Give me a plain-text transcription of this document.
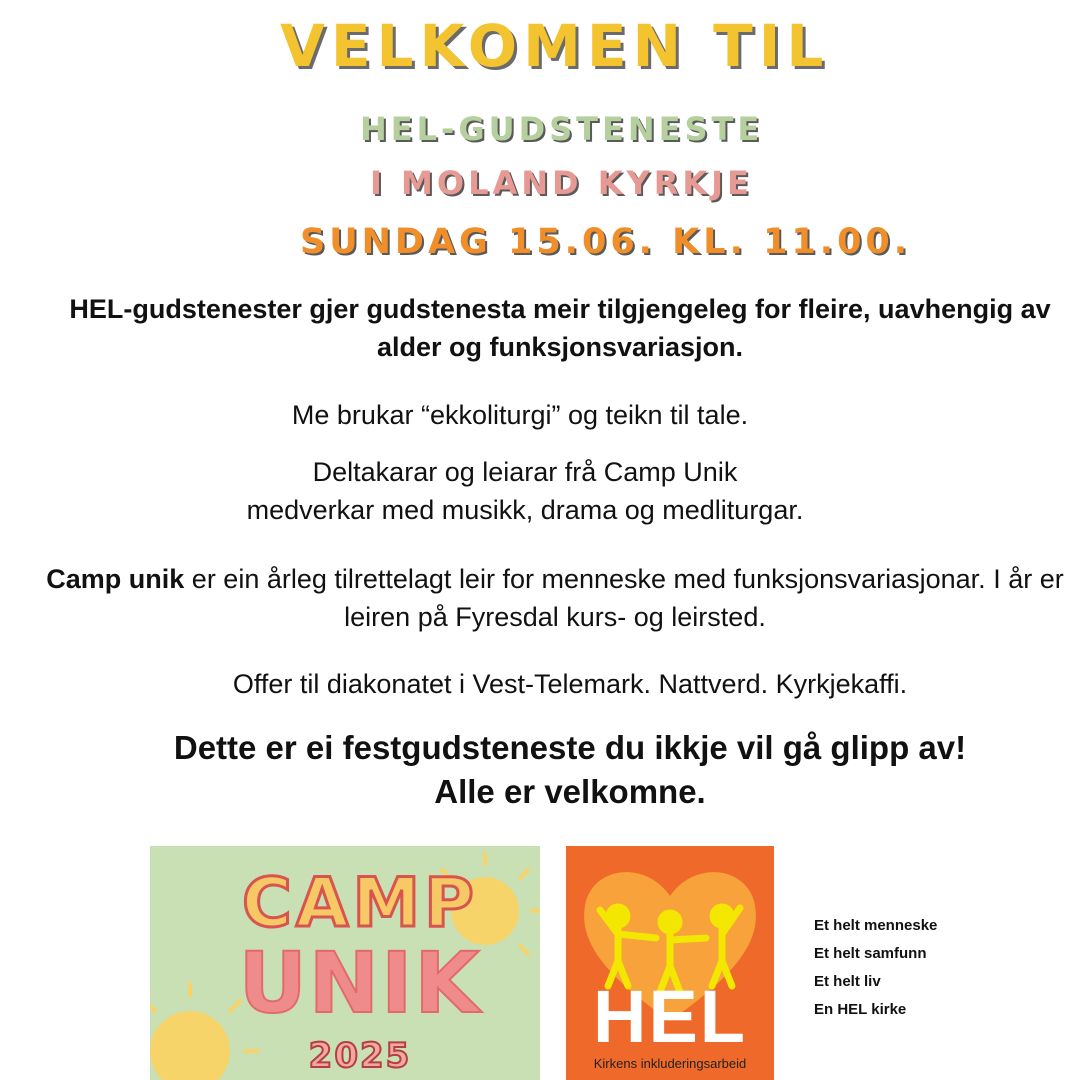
VELKOMEN TIL
HEL-GUDSTENESTE
I MOLAND KYRKJE
SUNDAG 15.06. KL. 11.00.
HEL-gudstenester gjer gudstenesta meir tilgjengeleg for fleire, uavhengig av alder og funksjonsvariasjon.
Me brukar “ekkoliturgi” og teikn til tale.
Deltakarar og leiarar frå Camp Unik
medverkar med musikk, drama og medliturgar.
Camp unik er ein årleg tilrettelagt leir for menneske med funksjonsvariasjonar. I år er leiren på Fyresdal kurs- og leirsted.
Offer til diakonatet i Vest-Telemark. Nattverd. Kyrkjekaffi.
Dette er ei festgudsteneste du ikkje vil gå glipp av!
Alle er velkomne.
CAMP
UNIK
2025	HEL
Kirkens inkluderingsarbeid
Et helt menneske
Et helt samfunn
Et helt liv
En HEL kirke
